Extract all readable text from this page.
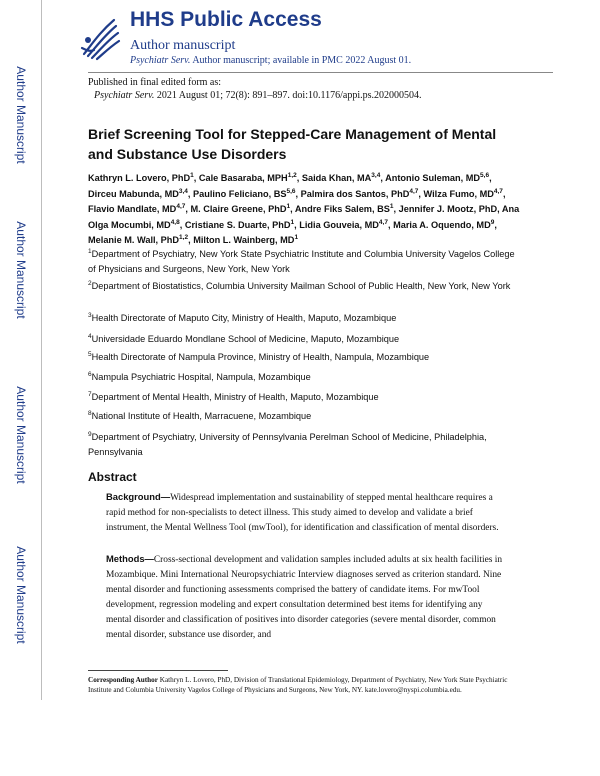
Author Manuscript
Author Manuscript
Author Manuscript
Author Manuscript
HHS Public Access
Author manuscript
Psychiatr Serv. Author manuscript; available in PMC 2022 August 01.
Published in final edited form as:
Psychiatr Serv. 2021 August 01; 72(8): 891–897. doi:10.1176/appi.ps.202000504.
Brief Screening Tool for Stepped-Care Management of Mental and Substance Use Disorders
Kathryn L. Lovero, PhD$^1$, Cale Basaraba, MPH$^{1,2}$, Saida Khan, MA$^{3,4}$, Antonio Suleman, MD$^{5,6}$, Dirceu Mabunda, MD$^{3,4}$, Paulino Feliciano, BS$^{5,6}$, Palmira dos Santos, PhD$^{4,7}$, Wilza Fumo, MD$^{4,7}$, Flavio Mandlate, MD$^{4,7}$, M. Claire Greene, PhD$^1$, Andre Fiks Salem, $BS^1$, Jennifer J. Mootz, PhD, Ana Olga Mocumbi, MD$^{4,8}$, Cristiane S. Duarte, PhD$^1$, Lidia Gouveia, MD$^{4,7}$, Maria A. Oquendo, $MD^9$, Melanie M. Wall, PhD$^{1,2}$, Milton L. Wainberg, $MD^1$
$^1$Department of Psychiatry, New York State Psychiatric Institute and Columbia University Vagelos College of Physicians and Surgeons, New York, New York
$^2$Department of Biostatistics, Columbia University Mailman School of Public Health, New York, New York
$^3$Health Directorate of Maputo City, Ministry of Health, Maputo, Mozambique
$^4$Universidade Eduardo Mondlane School of Medicine, Maputo, Mozambique
$^5$Health Directorate of Nampula Province, Ministry of Health, Nampula, Mozambique
$^6$Nampula Psychiatric Hospital, Nampula, Mozambique
$^7$Department of Mental Health, Ministry of Health, Maputo, Mozambique
$^8$National Institute of Health, Marracuene, Mozambique
$^9$Department of Psychiatry, University of Pennsylvania Perelman School of Medicine, Philadelphia, Pennsylvania
Abstract
Background—Widespread implementation and sustainability of stepped mental healthcare requires a rapid method for non-specialists to detect illness. This study aimed to develop and validate a brief instrument, the Mental Wellness Tool (mwTool), for identification and classification of mental disorders.
Methods—Cross-sectional development and validation samples included adults at six health facilities in Mozambique. Mini International Neuropsychiatric Interview diagnoses served as criterion standard. Nine mental disorder and functioning assessments comprised the battery of candidate items. For mwTool development, regression modeling and expert consultation determined best items for identifying any mental disorder and classification of positives into disorder categories (severe mental disorder, common mental disorder, substance use disorder, and
Corresponding Author Kathryn L. Lovero, PhD, Division of Translational Epidemiology, Department of Psychiatry, New York State Psychiatric Institute and Columbia University Vagelos College of Physicians and Surgeons, New York, NY. kate.lovero@nyspi.columbia.edu.
